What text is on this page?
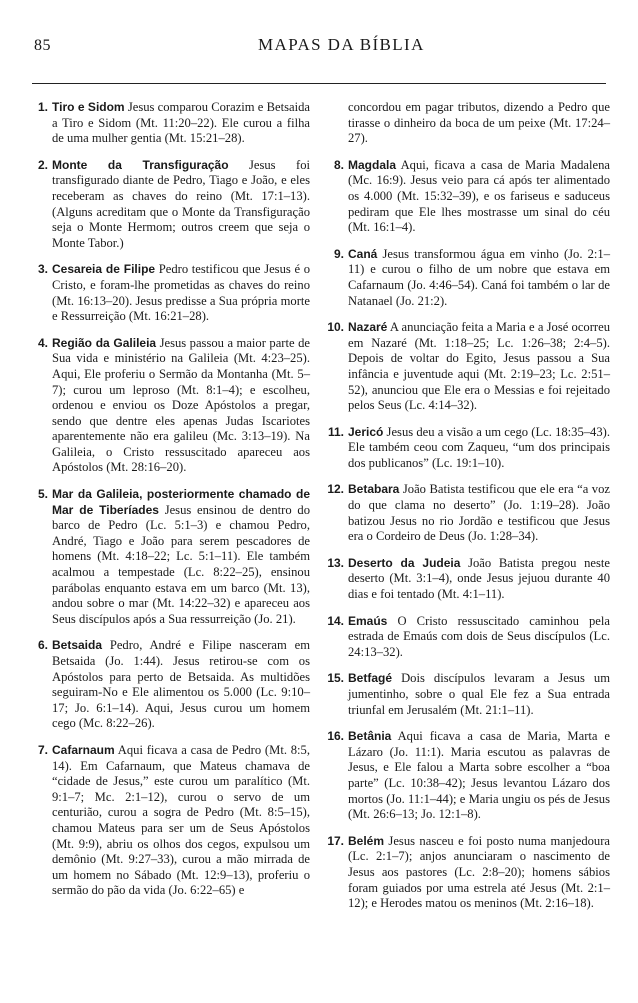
85	MAPAS DA BÍBLIA
1. Tiro e Sidom Jesus comparou Corazim e Betsaida a Tiro e Sidom (Mt. 11:20–22). Ele curou a filha de uma mulher gentia (Mt. 15:21–28).
2. Monte da Transfiguração Jesus foi transfigurado diante de Pedro, Tiago e João, e eles receberam as chaves do reino (Mt. 17:1–13). (Alguns acreditam que o Monte da Transfiguração seja o Monte Hermom; outros creem que seja o Monte Tabor.)
3. Cesareia de Filipe Pedro testificou que Jesus é o Cristo, e foram-lhe prometidas as chaves do reino (Mt. 16:13–20). Jesus predisse a Sua própria morte e Ressurreição (Mt. 16:21–28).
4. Região da Galileia Jesus passou a maior parte de Sua vida e ministério na Galileia (Mt. 4:23–25). Aqui, Ele proferiu o Sermão da Montanha (Mt. 5–7); curou um leproso (Mt. 8:1–4); e escolheu, ordenou e enviou os Doze Apóstolos a pregar, sendo que dentre eles apenas Judas Iscariotes aparentemente não era galileu (Mc. 3:13–19). Na Galileia, o Cristo ressuscitado apareceu aos Apóstolos (Mt. 28:16–20).
5. Mar da Galileia, posteriormente chamado de Mar de Tiberíades Jesus ensinou de dentro do barco de Pedro (Lc. 5:1–3) e chamou Pedro, André, Tiago e João para serem pescadores de homens (Mt. 4:18–22; Lc. 5:1–11). Ele também acalmou a tempestade (Lc. 8:22–25), ensinou parábolas enquanto estava em um barco (Mt. 13), andou sobre o mar (Mt. 14:22–32) e apareceu aos Seus discípulos após a Sua ressurreição (Jo. 21).
6. Betsaida Pedro, André e Filipe nasceram em Betsaida (Jo. 1:44). Jesus retirou-se com os Apóstolos para perto de Betsaida. As multidões seguiram-No e Ele alimentou os 5.000 (Lc. 9:10–17; Jo. 6:1–14). Aqui, Jesus curou um homem cego (Mc. 8:22–26).
7. Cafarnaum Aqui ficava a casa de Pedro (Mt. 8:5, 14). Em Cafarnaum, que Mateus chamava de “cidade de Jesus,” este curou um paralítico (Mt. 9:1–7; Mc. 2:1–12), curou o servo de um centurião, curou a sogra de Pedro (Mt. 8:5–15), chamou Mateus para ser um de Seus Apóstolos (Mt. 9:9), abriu os olhos dos cegos, expulsou um demônio (Mt. 9:27–33), curou a mão mirrada de um homem no Sábado (Mt. 12:9–13), proferiu o sermão do pão da vida (Jo. 6:22–65) e
concordou em pagar tributos, dizendo a Pedro que tirasse o dinheiro da boca de um peixe (Mt. 17:24–27).
8. Magdala Aqui, ficava a casa de Maria Madalena (Mc. 16:9). Jesus veio para cá após ter alimentado os 4.000 (Mt. 15:32–39), e os fariseus e saduceus pediram que Ele lhes mostrasse um sinal do céu (Mt. 16:1–4).
9. Caná Jesus transformou água em vinho (Jo. 2:1–11) e curou o filho de um nobre que estava em Cafarnaum (Jo. 4:46–54). Caná foi também o lar de Natanael (Jo. 21:2).
10. Nazaré A anunciação feita a Maria e a José ocorreu em Nazaré (Mt. 1:18–25; Lc. 1:26–38; 2:4–5). Depois de voltar do Egito, Jesus passou a Sua infância e juventude aqui (Mt. 2:19–23; Lc. 2:51–52), anunciou que Ele era o Messias e foi rejeitado pelos Seus (Lc. 4:14–32).
11. Jericó Jesus deu a visão a um cego (Lc. 18:35–43). Ele também ceou com Zaqueu, “um dos principais dos publicanos” (Lc. 19:1–10).
12. Betabara João Batista testificou que ele era “a voz do que clama no deserto” (Jo. 1:19–28). João batizou Jesus no rio Jordão e testificou que Jesus era o Cordeiro de Deus (Jo. 1:28–34).
13. Deserto da Judeia João Batista pregou neste deserto (Mt. 3:1–4), onde Jesus jejuou durante 40 dias e foi tentado (Mt. 4:1–11).
14. Emaús O Cristo ressuscitado caminhou pela estrada de Emaús com dois de Seus discípulos (Lc. 24:13–32).
15. Betfagé Dois discípulos levaram a Jesus um jumentinho, sobre o qual Ele fez a Sua entrada triunfal em Jerusalém (Mt. 21:1–11).
16. Betânia Aqui ficava a casa de Maria, Marta e Lázaro (Jo. 11:1). Maria escutou as palavras de Jesus, e Ele falou a Marta sobre escolher a “boa parte” (Lc. 10:38–42); Jesus levantou Lázaro dos mortos (Jo. 11:1–44); e Maria ungiu os pés de Jesus (Mt. 26:6–13; Jo. 12:1–8).
17. Belém Jesus nasceu e foi posto numa manjedoura (Lc. 2:1–7); anjos anunciaram o nascimento de Jesus aos pastores (Lc. 2:8–20); homens sábios foram guiados por uma estrela até Jesus (Mt. 2:1–12); e Herodes matou os meninos (Mt. 2:16–18).
